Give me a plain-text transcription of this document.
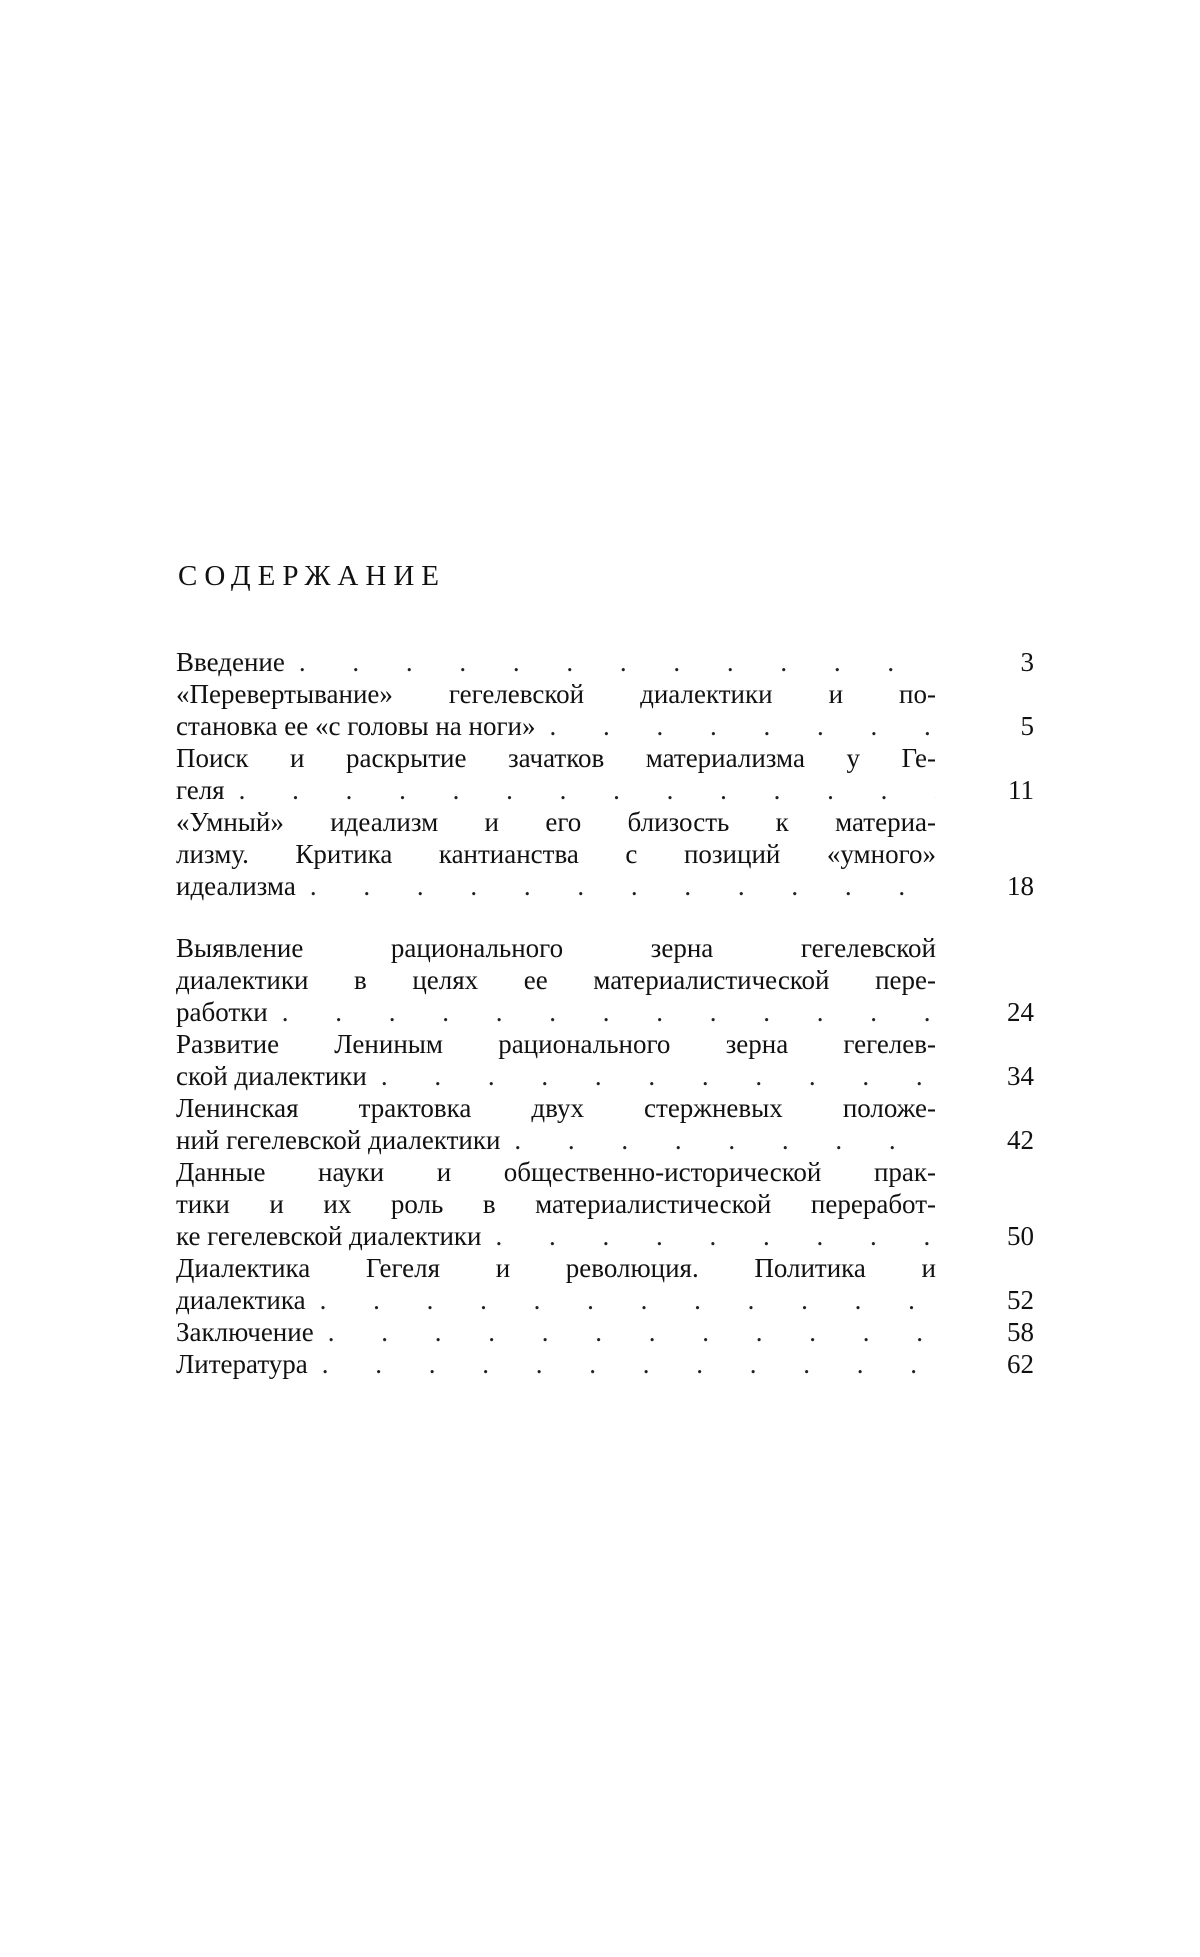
СОДЕРЖАНИЕ
Введение . . .	3
«Перевертывание» гегелевской диалектики и по-
становка ее «с головы на ноги» . . .	5
Поиск и раскрытие зачатков материализма у Ге-
геля . . .	11
«Умный» идеализм и его близость к материа-
лизму. Критика кантианства с позиций «умного»
идеализма . . .	18
Выявление рационального зерна гегелевской
диалектики в целях ее материалистической пере-
работки . . .	24
Развитие Лениным рационального зерна гегелев-
ской диалектики . . .	34
Ленинская трактовка двух стержневых положе-
ний гегелевской диалектики . . .	42
Данные науки и общественно-исторической прак-
тики и их роль в материалистической переработ-
ке гегелевской диалектики . . .	50
Диалектика Гегеля и революция. Политика и
диалектика . . .	52
Заключение . . .	58
Литература . . .	62
